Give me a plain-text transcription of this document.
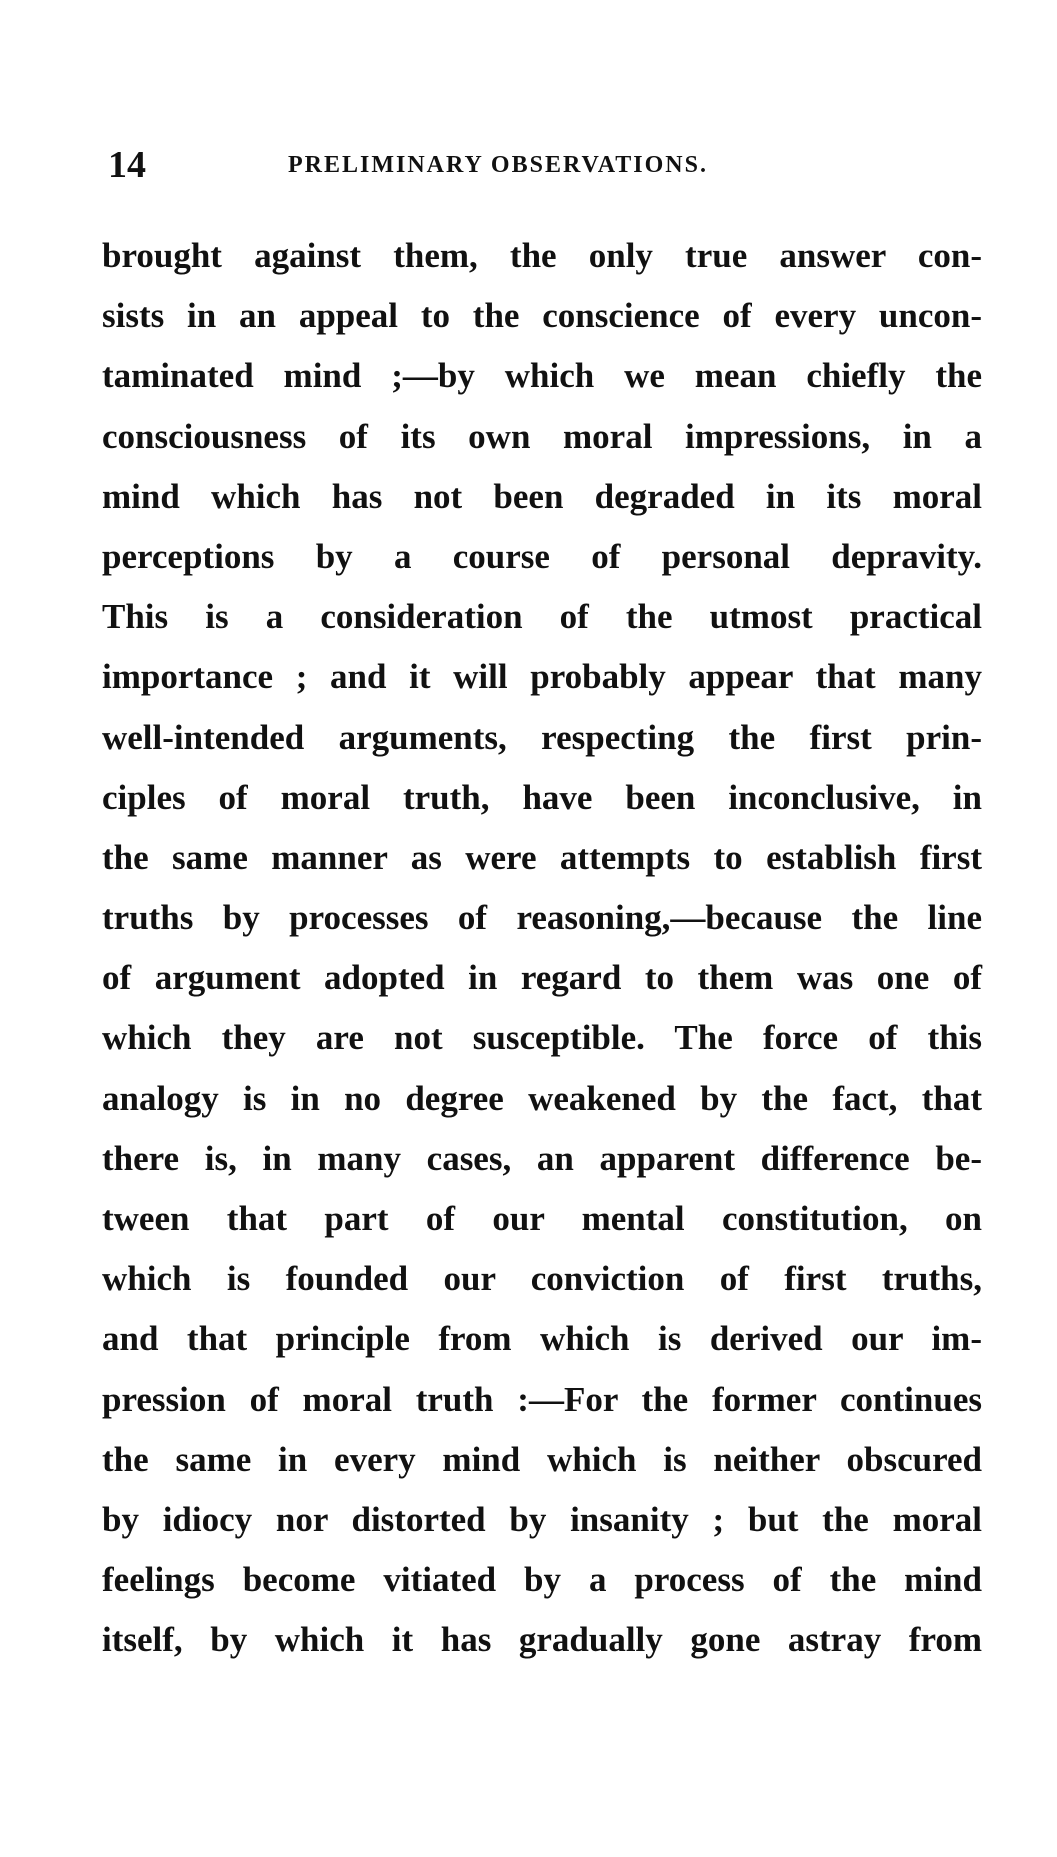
14	PRELIMINARY OBSERVATIONS.
brought against them, the only true answer con-
sists in an appeal to the conscience of every uncon-
taminated mind ;—by which we mean chiefly the
consciousness of its own moral impressions, in a
mind which has not been degraded in its moral
perceptions by a course of personal depravity.
This is a consideration of the utmost practical
importance ; and it will probably appear that many
well-intended arguments, respecting the first prin-
ciples of moral truth, have been inconclusive, in
the same manner as were attempts to establish first
truths by processes of reasoning,—because the line
of argument adopted in regard to them was one of
which they are not susceptible. The force of this
analogy is in no degree weakened by the fact, that
there is, in many cases, an apparent difference be-
tween that part of our mental constitution, on
which is founded our conviction of first truths,
and that principle from which is derived our im-
pression of moral truth :—For the former continues
the same in every mind which is neither obscured
by idiocy nor distorted by insanity ; but the moral
feelings become vitiated by a process of the mind
itself, by which it has gradually gone astray from
